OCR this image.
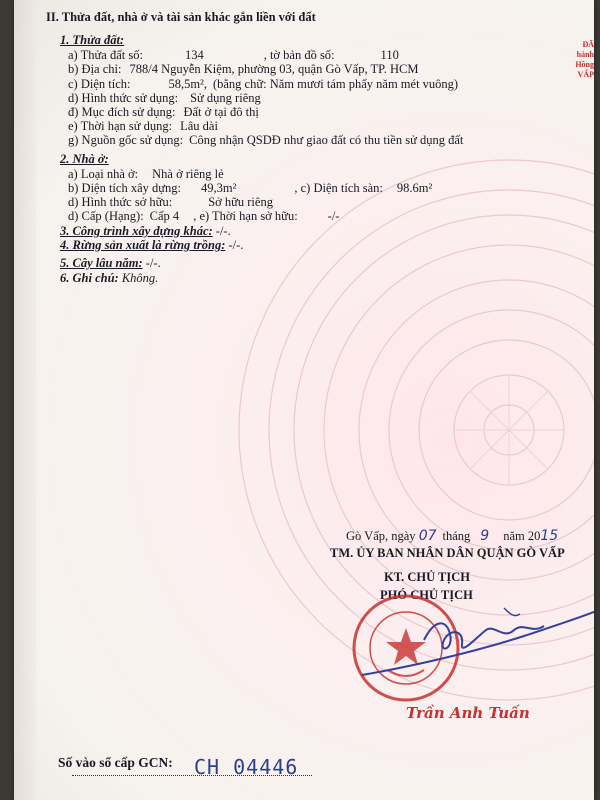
ĐÃ
hành
Hồng
VẤP
II. Thửa đất, nhà ở và tài sản khác gắn liền với đất
1. Thửa đất:
a) Thửa đất số:	134	, tờ bản đồ số:	110
b) Địa chỉ: 788/4 Nguyễn Kiệm, phường 03, quận Gò Vấp, TP. HCM
c) Diện tích:	58,5m², (bằng chữ: Năm mươi tám phẩy năm mét vuông)
d) Hình thức sử dụng: Sử dụng riêng
đ) Mục đích sử dụng: Đất ở tại đô thị
e) Thời hạn sử dụng: Lâu dài
g) Nguồn gốc sử dụng: Công nhận QSDĐ như giao đất có thu tiền sử dụng đất
2. Nhà ở:
a) Loại nhà ở: Nhà ở riêng lẻ
b) Diện tích xây dựng: 49,3m²	, c) Diện tích sàn: 98.6m²
d) Hình thức sở hữu:	Sở hữu riêng
d) Cấp (Hạng): Cấp 4 , e) Thời hạn sở hữu: -/-
3. Công trình xây dựng khác: -/-.
4. Rừng sản xuất là rừng trồng: -/-.
5. Cây lâu năm: -/-.
6. Ghi chú: Không.
Gò Vấp, ngày 07 tháng 9 năm 2015
TM. ỦY BAN NHÂN DÂN QUẬN GÒ VẤP
KT. CHỦ TỊCH
PHÓ CHỦ TỊCH
Trần Anh Tuấn
Số vào sổ cấp GCN: CH 04446
